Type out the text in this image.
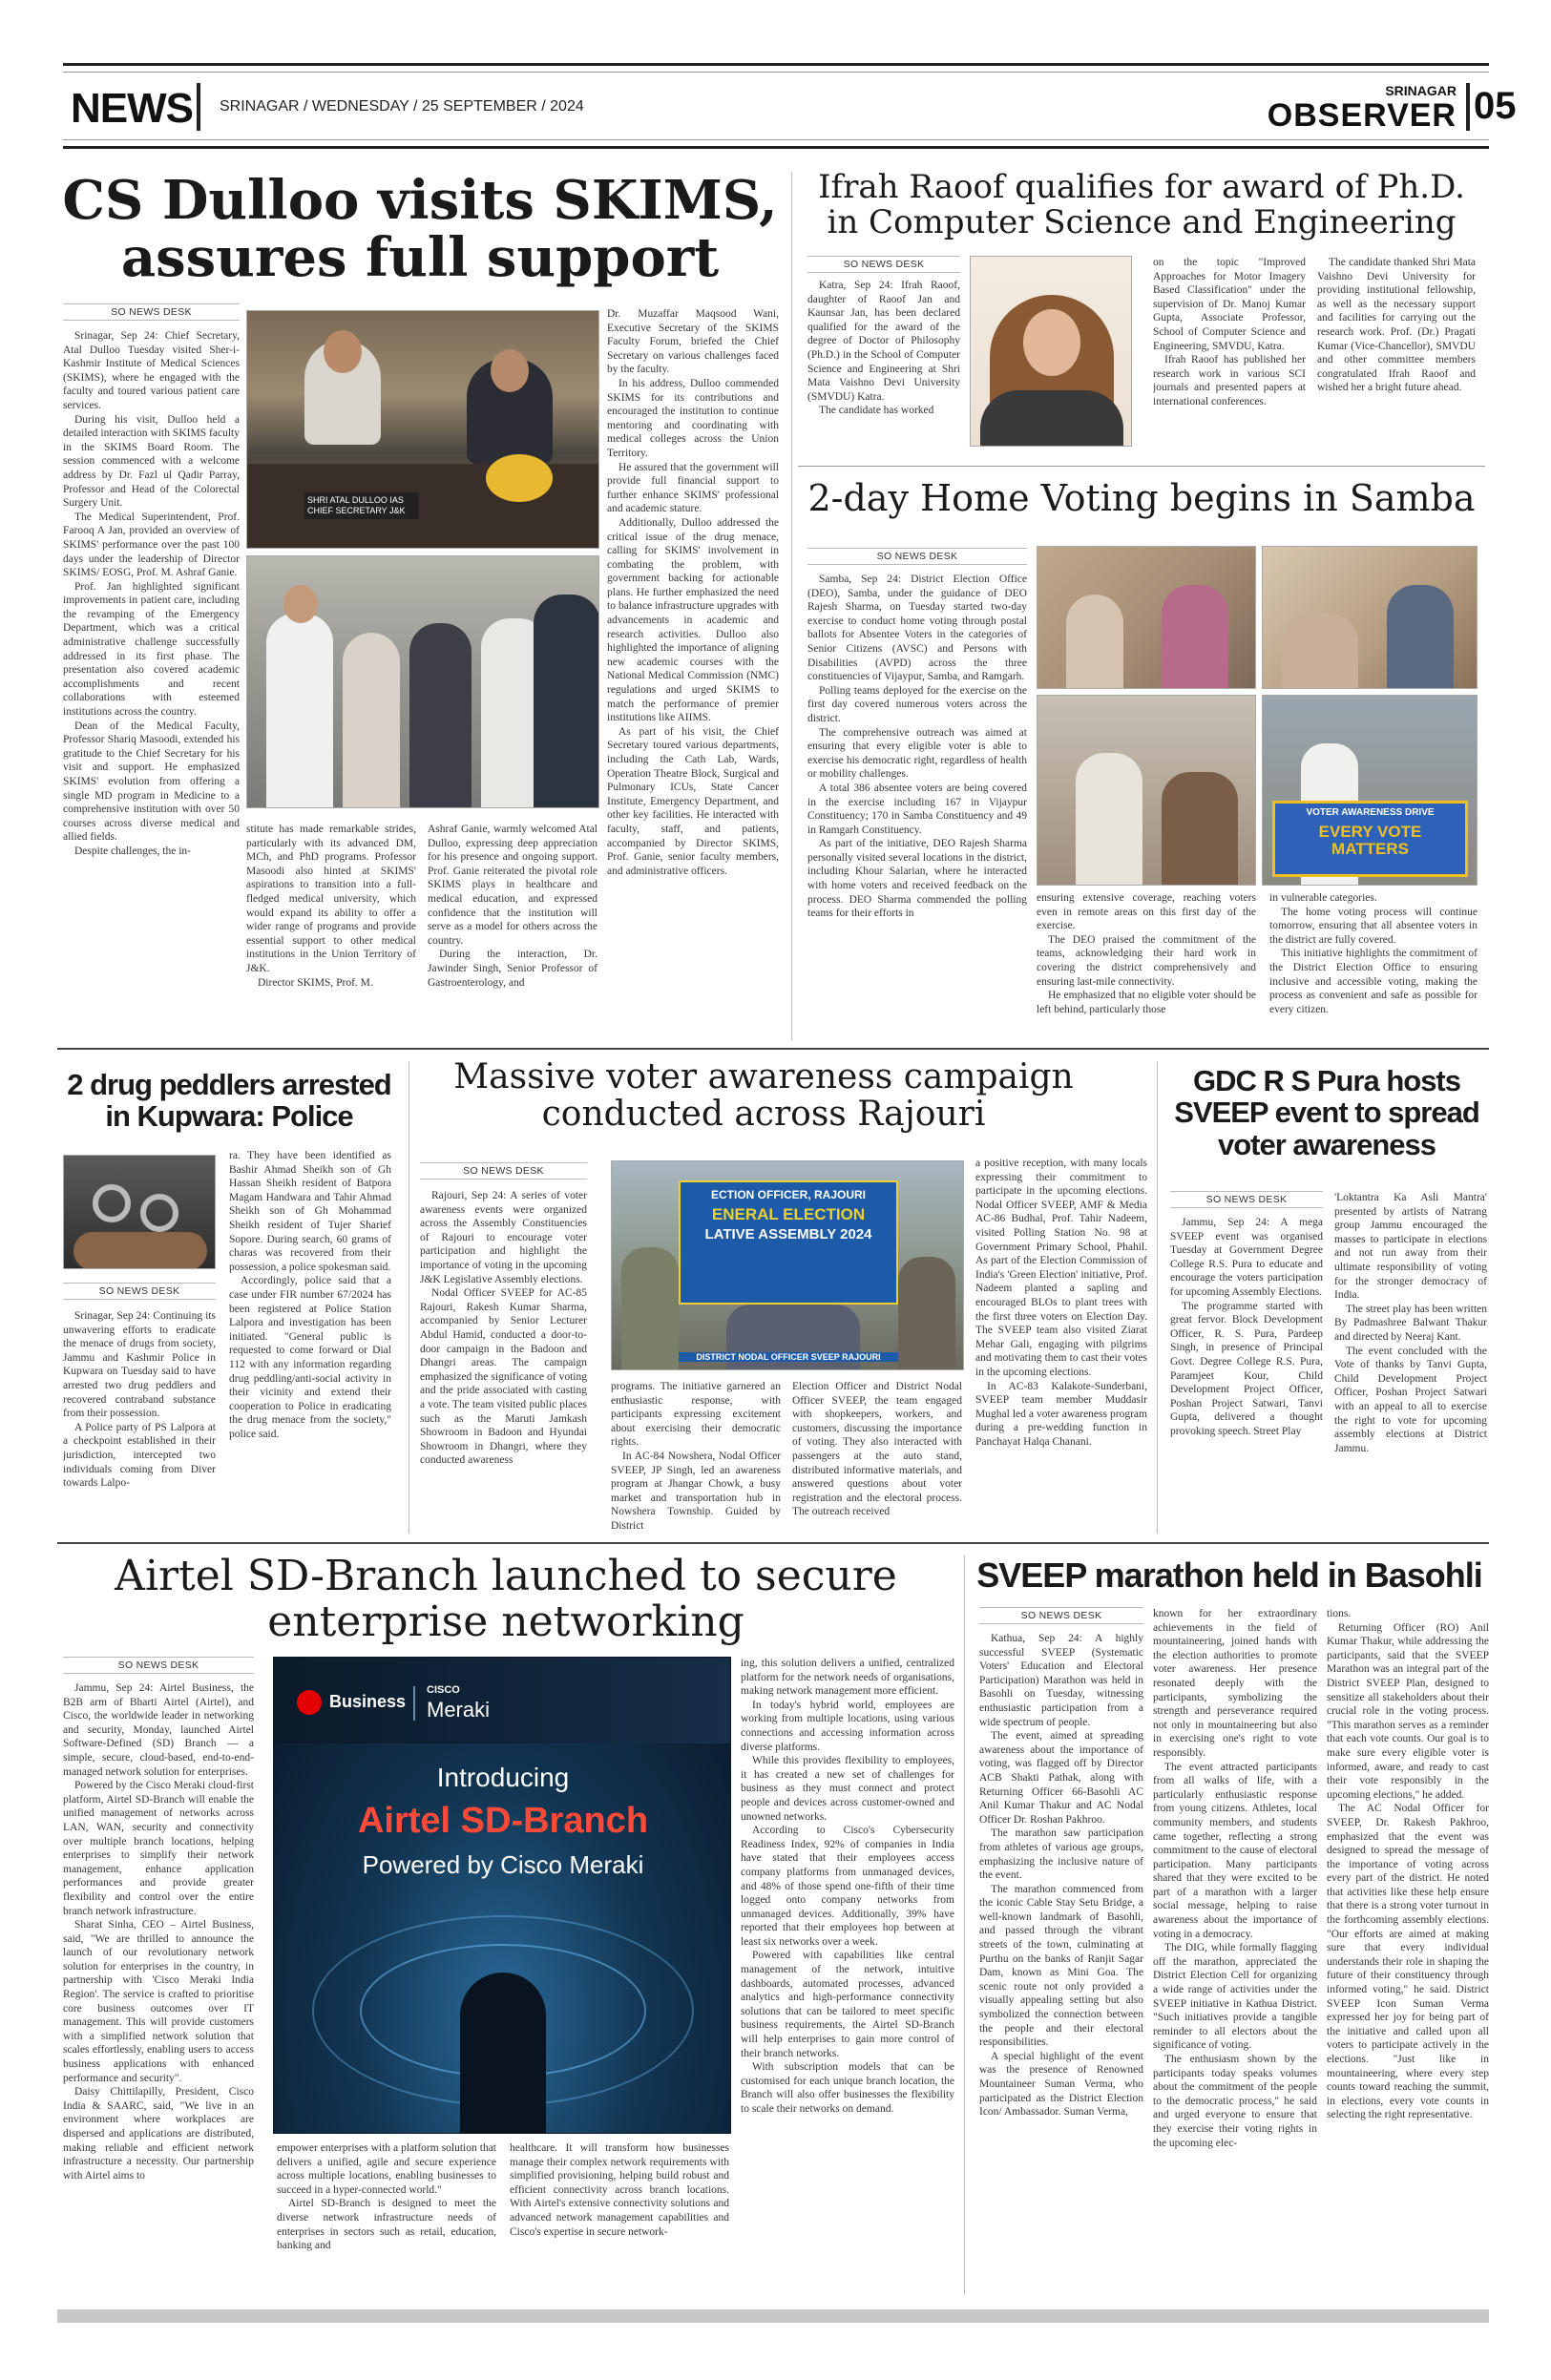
NEWS SRINAGAR / WEDNESDAY / 25 SEPTEMBER / 2024
SRINAGAR
OBSERVER 05
CS Dulloo visits SKIMS, assures full support
SO NEWS DESK

Srinagar, Sep 24: Chief Secretary, Atal Dulloo Tuesday visited Sher-i-Kashmir Institute of Medical Sciences (SKIMS), where he engaged with the faculty and toured various patient care services.

During his visit, Dulloo held a detailed interaction with SKIMS faculty in the SKIMS Board Room. The session commenced with a welcome address by Dr. Fazl ul Qadir Parray, Professor and Head of the Colorectal Surgery Unit.

The Medical Superintendent, Prof. Farooq A Jan, provided an overview of SKIMS' performance over the past 100 days under the leadership of Director SKIMS/ EOSG, Prof. M. Ashraf Ganie.

Prof. Jan highlighted significant improvements in patient care, including the revamping of the Emergency Department, which was a critical administrative challenge successfully addressed in its first phase. The presentation also covered academic accomplishments and recent collaborations with esteemed institutions across the country.

Dean of the Medical Faculty, Professor Shariq Masoodi, extended his gratitude to the Chief Secretary for his visit and support. He emphasized SKIMS' evolution from offering a single MD program in Medicine to a comprehensive institution with over 50 courses across diverse medical and allied fields.

Despite challenges, the in-

SHRI ATAL DULLOO IAS CHIEF SECRETARY J&K

stitute has made remarkable strides, particularly with its advanced DM, MCh, and PhD programs. Professor Masoodi also hinted at SKIMS' aspirations to transition into a full-fledged medical university, which would expand its ability to offer a wider range of programs and provide essential support to other medical institutions in the Union Territory of J&K.

Director SKIMS, Prof. M.

Ashraf Ganie, warmly welcomed Atal Dulloo, expressing deep appreciation for his presence and ongoing support. Prof. Ganie reiterated the pivotal role SKIMS plays in healthcare and medical education, and expressed confidence that the institution will serve as a model for others across the country.

During the interaction, Dr. Jawinder Singh, Senior Professor of Gastroenterology, and

Dr. Muzaffar Maqsood Wani, Executive Secretary of the SKIMS Faculty Forum, briefed the Chief Secretary on various challenges faced by the faculty.

In his address, Dulloo commended SKIMS for its contributions and encouraged the institution to continue mentoring and coordinating with medical colleges across the Union Territory.

He assured that the government will provide full financial support to further enhance SKIMS' professional and academic stature.

Additionally, Dulloo addressed the critical issue of the drug menace, calling for SKIMS' involvement in combating the problem, with government backing for actionable plans. He further emphasized the need to balance infrastructure upgrades with advancements in academic and research activities. Dulloo also highlighted the importance of aligning new academic courses with the National Medical Commission (NMC) regulations and urged SKIMS to match the performance of premier institutions like AIIMS.

As part of his visit, the Chief Secretary toured various departments, including the Cath Lab, Wards, Operation Theatre Block, Surgical and Pulmonary ICUs, State Cancer Institute, Emergency Department, and other key facilities. He interacted with faculty, staff, and patients, accompanied by Director SKIMS, Prof. Ganie, senior faculty members, and administrative officers.

Ifrah Raoof qualifies for award of Ph.D. in Computer Science and Engineering
SO NEWS DESK

Katra, Sep 24: Ifrah Raoof, daughter of Raoof Jan and Kaunsar Jan, has been declared qualified for the award of the degree of Doctor of Philosophy (Ph.D.) in the School of Computer Science and Engineering at Shri Mata Vaishno Devi University (SMVDU) Katra.

The candidate has worked

on the topic "Improved Approaches for Motor Imagery Based Classification" under the supervision of Dr. Manoj Kumar Gupta, Associate Professor, School of Computer Science and Engineering, SMVDU, Katra.

Ifrah Raoof has published her research work in various SCI journals and presented papers at international conferences.

The candidate thanked Shri Mata Vaishno Devi University for providing institutional fellowship, as well as the necessary support and facilities for carrying out the research work. Prof. (Dr.) Pragati Kumar (Vice-Chancellor), SMVDU and other committee members congratulated Ifrah Raoof and wished her a bright future ahead.

2-day Home Voting begins in Samba
SO NEWS DESK

Samba, Sep 24: District Election Office (DEO), Samba, under the guidance of DEO Rajesh Sharma, on Tuesday started two-day exercise to conduct home voting through postal ballots for Absentee Voters in the categories of Senior Citizens (AVSC) and Persons with Disabilities (AVPD) across the three constituencies of Vijaypur, Samba, and Ramgarh.

Polling teams deployed for the exercise on the first day covered numerous voters across the district.

The comprehensive outreach was aimed at ensuring that every eligible voter is able to exercise his democratic right, regardless of health or mobility challenges.

A total 386 absentee voters are being covered in the exercise including 167 in Vijaypur Constituency; 170 in Samba Constituency and 49 in Ramgarh Constituency.

As part of the initiative, DEO Rajesh Sharma personally visited several locations in the district, including Khour Salarian, where he interacted with home voters and received feedback on the process. DEO Sharma commended the polling teams for their efforts in

VOTER AWARENESS DRIVE
EVERY VOTE MATTERS

ensuring extensive coverage, reaching voters even in remote areas on this first day of the exercise.

The DEO praised the commitment of the teams, acknowledging their hard work in covering the district comprehensively and ensuring last-mile connectivity.

He emphasized that no eligible voter should be left behind, particularly those

in vulnerable categories.

The home voting process will continue tomorrow, ensuring that all absentee voters in the district are fully covered.

This initiative highlights the commitment of the District Election Office to ensuring inclusive and accessible voting, making the process as convenient and safe as possible for every citizen.

2 drug peddlers arrested in Kupwara: Police
SO NEWS DESK

Srinagar, Sep 24: Continuing its unwavering efforts to eradicate the menace of drugs from society, Jammu and Kashmir Police in Kupwara on Tuesday said to have arrested two drug peddlers and recovered contraband substance from their possession.

A Police party of PS Lalpora at a checkpoint established in their jurisdiction, intercepted two individuals coming from Diver towards Lalpo-

ra. They have been identified as Bashir Ahmad Sheikh son of Gh Hassan Sheikh resident of Batpora Magam Handwara and Tahir Ahmad Sheikh son of Gh Mohammad Sheikh resident of Tujer Sharief Sopore. During search, 60 grams of charas was recovered from their possession, a police spokesman said.

Accordingly, police said that a case under FIR number 67/2024 has been registered at Police Station Lalpora and investigation has been initiated. "General public is requested to come forward or Dial 112 with any information regarding drug peddling/anti-social activity in their vicinity and extend their cooperation to Police in eradicating the drug menace from the society," police said.

Massive voter awareness campaign conducted across Rajouri
SO NEWS DESK

Rajouri, Sep 24: A series of voter awareness events were organized across the Assembly Constituencies of Rajouri to encourage voter participation and highlight the importance of voting in the upcoming J&K Legislative Assembly elections.

Nodal Officer SVEEP for AC-85 Rajouri, Rakesh Kumar Sharma, accompanied by Senior Lecturer Abdul Hamid, conducted a door-to-door campaign in the Badoon and Dhangri areas. The campaign emphasized the significance of voting and the pride associated with casting a vote. The team visited public places such as the Maruti Jamkash Showroom in Badoon and Hyundai Showroom in Dhangri, where they conducted awareness

ECTION OFFICER, RAJOURI
ENERAL ELECTION
LATIVE ASSEMBLY 2024
DISTRICT NODAL OFFICER SVEEP RAJOURI

programs. The initiative garnered an enthusiastic response, with participants expressing excitement about exercising their democratic rights.

In AC-84 Nowshera, Nodal Officer SVEEP, JP Singh, led an awareness program at Jhangar Chowk, a busy market and transportation hub in Nowshera Township. Guided by District

Election Officer and District Nodal Officer SVEEP, the team engaged with shopkeepers, workers, and customers, discussing the importance of voting. They also interacted with passengers at the auto stand, distributed informative materials, and answered questions about voter registration and the electoral process. The outreach received

a positive reception, with many locals expressing their commitment to participate in the upcoming elections. Nodal Officer SVEEP, AMF & Media AC-86 Budhal, Prof. Tahir Nadeem, visited Polling Station No. 98 at Government Primary School, Phahil. As part of the Election Commission of India's 'Green Election' initiative, Prof. Nadeem planted a sapling and encouraged BLOs to plant trees with the first three voters on Election Day. The SVEEP team also visited Ziarat Mehar Gali, engaging with pilgrims and motivating them to cast their votes in the upcoming elections.

In AC-83 Kalakote-Sunderbani, SVEEP team member Muddasir Mughal led a voter awareness program during a pre-wedding function in Panchayat Halqa Chanani.

GDC R S Pura hosts SVEEP event to spread voter awareness
SO NEWS DESK

Jammu, Sep 24: A mega SVEEP event was organised Tuesday at Government Degree College R.S. Pura to educate and encourage the voters participation for upcoming Assembly Elections.

The programme started with great fervor. Block Development Officer, R. S. Pura, Pardeep Singh, in presence of Principal Govt. Degree College R.S. Pura, Paramjeet Kour, Child Development Project Officer, Poshan Project Satwari, Tanvi Gupta, delivered a thought provoking speech. Street Play

'Loktantra Ka Asli Mantra' presented by artists of Natrang group Jammu encouraged the masses to participate in elections and not run away from their ultimate responsibility of voting for the stronger democracy of India.

The street play has been written By Padmashree Balwant Thakur and directed by Neeraj Kant.

The event concluded with the Vote of thanks by Tanvi Gupta, Child Development Project Officer, Poshan Project Satwari with an appeal to all to exercise the right to vote for upcoming assembly elections at District Jammu.

Airtel SD-Branch launched to secure enterprise networking
SO NEWS DESK

Jammu, Sep 24: Airtel Business, the B2B arm of Bharti Airtel (Airtel), and Cisco, the worldwide leader in networking and security, Monday, launched Airtel Software-Defined (SD) Branch — a simple, secure, cloud-based, end-to-end-managed network solution for enterprises.

Powered by the Cisco Meraki cloud-first platform, Airtel SD-Branch will enable the unified management of networks across LAN, WAN, security and connectivity over multiple branch locations, helping enterprises to simplify their network management, enhance application performances and provide greater flexibility and control over the entire branch network infrastructure.

Sharat Sinha, CEO – Airtel Business, said, "We are thrilled to announce the launch of our revolutionary network solution for enterprises in the country, in partnership with 'Cisco Meraki India Region'. The service is crafted to prioritise core business outcomes over IT management. This will provide customers with a simplified network solution that scales effortlessly, enabling users to access business applications with enhanced performance and security".

Daisy Chittilapilly, President, Cisco India & SAARC, said, "We live in an environment where workplaces are dispersed and applications are distributed, making reliable and efficient network infrastructure a necessity. Our partnership with Airtel aims to

Business
CISCO
Meraki
Introducing
Airtel SD-Branch
Powered by Cisco Meraki

empower enterprises with a platform solution that delivers a unified, agile and secure experience across multiple locations, enabling businesses to succeed in a hyper-connected world."

Airtel SD-Branch is designed to meet the diverse network infrastructure needs of enterprises in sectors such as retail, education, banking and

healthcare. It will transform how businesses manage their complex network requirements with simplified provisioning, helping build robust and efficient connectivity across branch locations. With Airtel's extensive connectivity solutions and advanced network management capabilities and Cisco's expertise in secure network-

ing, this solution delivers a unified, centralized platform for the network needs of organisations, making network management more efficient.

In today's hybrid world, employees are working from multiple locations, using various connections and accessing information across diverse platforms.

While this provides flexibility to employees, it has created a new set of challenges for business as they must connect and protect people and devices across customer-owned and unowned networks.

According to Cisco's Cybersecurity Readiness Index, 92% of companies in India have stated that their employees access company platforms from unmanaged devices, and 48% of those spend one-fifth of their time logged onto company networks from unmanaged devices. Additionally, 39% have reported that their employees hop between at least six networks over a week.

Powered with capabilities like central management of the network, intuitive dashboards, automated processes, advanced analytics and high-performance connectivity solutions that can be tailored to meet specific business requirements, the Airtel SD-Branch will help enterprises to gain more control of their branch networks.

With subscription models that can be customised for each unique branch location, the Branch will also offer businesses the flexibility to scale their networks on demand.

SVEEP marathon held in Basohli
SO NEWS DESK

Kathua, Sep 24: A highly successful SVEEP (Systematic Voters' Education and Electoral Participation) Marathon was held in Basohli on Tuesday, witnessing enthusiastic participation from a wide spectrum of people.

The event, aimed at spreading awareness about the importance of voting, was flagged off by Director ACB Shakti Pathak, along with Returning Officer 66-Basohli AC Anil Kumar Thakur and AC Nodal Officer Dr. Roshan Pakhroo.

The marathon saw participation from athletes of various age groups, emphasizing the inclusive nature of the event.

The marathon commenced from the iconic Cable Stay Setu Bridge, a well-known landmark of Basohli, and passed through the vibrant streets of the town, culminating at Purthu on the banks of Ranjit Sagar Dam, known as Mini Goa. The scenic route not only provided a visually appealing setting but also symbolized the connection between the people and their electoral responsibilities.

A special highlight of the event was the presence of Renowned Mountaineer Suman Verma, who participated as the District Election Icon/ Ambassador. Suman Verma,

known for her extraordinary achievements in the field of mountaineering, joined hands with the election authorities to promote voter awareness. Her presence resonated deeply with the participants, symbolizing the strength and perseverance required not only in mountaineering but also in exercising one's right to vote responsibly.

The event attracted participants from all walks of life, with a particularly enthusiastic response from young citizens. Athletes, local community members, and students came together, reflecting a strong commitment to the cause of electoral participation. Many participants shared that they were excited to be part of a marathon with a larger social message, helping to raise awareness about the importance of voting in a democracy.

The DIG, while formally flagging off the marathon, appreciated the District Election Cell for organizing a wide range of activities under the SVEEP initiative in Kathua District. "Such initiatives provide a tangible reminder to all electors about the significance of voting.

The enthusiasm shown by the participants today speaks volumes about the commitment of the people to the democratic process," he said and urged everyone to ensure that they exercise their voting rights in the upcoming elec-

tions.

Returning Officer (RO) Anil Kumar Thakur, while addressing the participants, said that the SVEEP Marathon was an integral part of the District SVEEP Plan, designed to sensitize all stakeholders about their crucial role in the voting process. "This marathon serves as a reminder that each vote counts. Our goal is to make sure every eligible voter is informed, aware, and ready to cast their vote responsibly in the upcoming elections," he added.

The AC Nodal Officer for SVEEP, Dr. Rakesh Pakhroo, emphasized that the event was designed to spread the message of the importance of voting across every part of the district. He noted that activities like these help ensure that there is a strong voter turnout in the forthcoming assembly elections. "Our efforts are aimed at making sure that every individual understands their role in shaping the future of their constituency through informed voting," he said. District SVEEP Icon Suman Verma expressed her joy for being part of the initiative and called upon all voters to participate actively in the elections. "Just like in mountaineering, where every step counts toward reaching the summit, in elections, every vote counts in selecting the right representative.
